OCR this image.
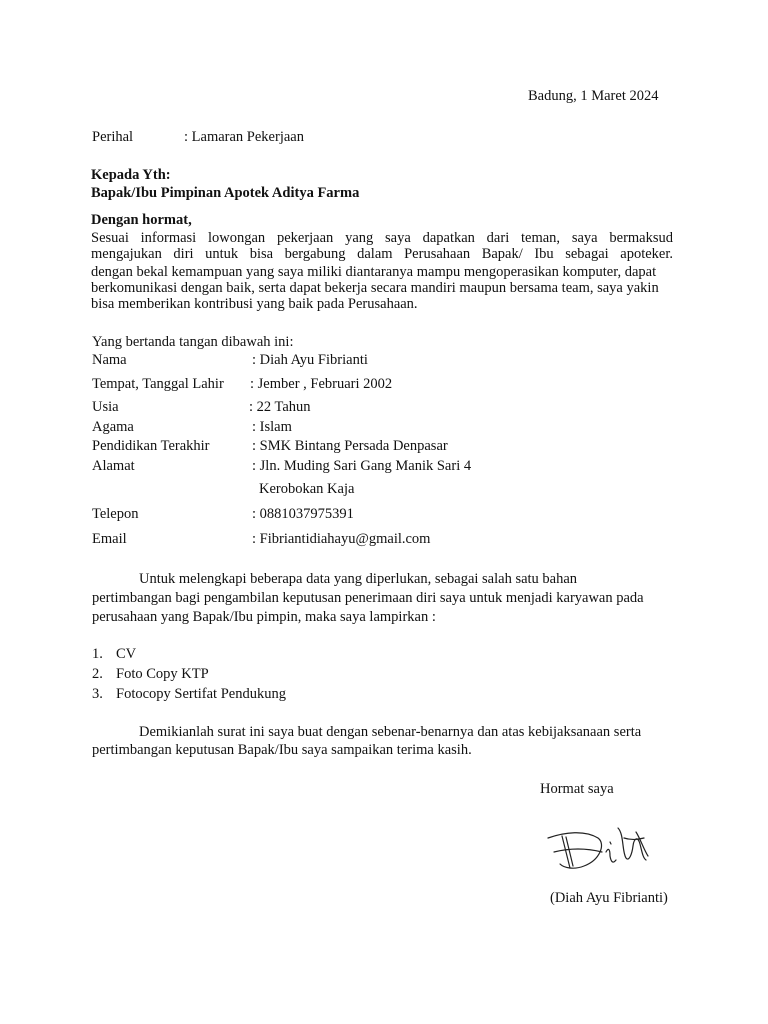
Badung, 1 Maret 2024
Perihal	: Lamaran Pekerjaan
Kepada Yth:
Bapak/Ibu Pimpinan Apotek Aditya Farma
Dengan hormat,
Sesuai informasi lowongan pekerjaan yang saya dapatkan dari teman, saya bermaksud
mengajukan diri untuk bisa bergabung dalam Perusahaan Bapak/ Ibu sebagai apoteker.
dengan bekal kemampuan yang saya miliki diantaranya mampu mengoperasikan komputer, dapat
berkomunikasi dengan baik, serta dapat bekerja secara mandiri maupun bersama team, saya yakin
bisa memberikan kontribusi yang baik pada Perusahaan.
Yang bertanda tangan dibawah ini:
Nama	: Diah Ayu Fibrianti
Tempat, Tanggal Lahir : Jember , Februari 2002
Usia	: 22 Tahun
Agama	: Islam
Pendidikan Terakhir	: SMK Bintang Persada Denpasar
Alamat	: Jln. Muding Sari Gang Manik Sari 4
Kerobokan Kaja
Telepon	: 0881037975391
Email	: Fibriantidiahayu@gmail.com
Untuk melengkapi beberapa data yang diperlukan, sebagai salah satu bahan
pertimbangan bagi pengambilan keputusan penerimaan diri saya untuk menjadi karyawan pada
perusahaan yang Bapak/Ibu pimpin, maka saya lampirkan :
1. CV
2. Foto Copy KTP
3. Fotocopy Sertifat Pendukung
Demikianlah surat ini saya buat dengan sebenar-benarnya dan atas kebijaksanaan serta
pertimbangan keputusan Bapak/Ibu saya sampaikan terima kasih.
Hormat saya
(Diah Ayu Fibrianti)
